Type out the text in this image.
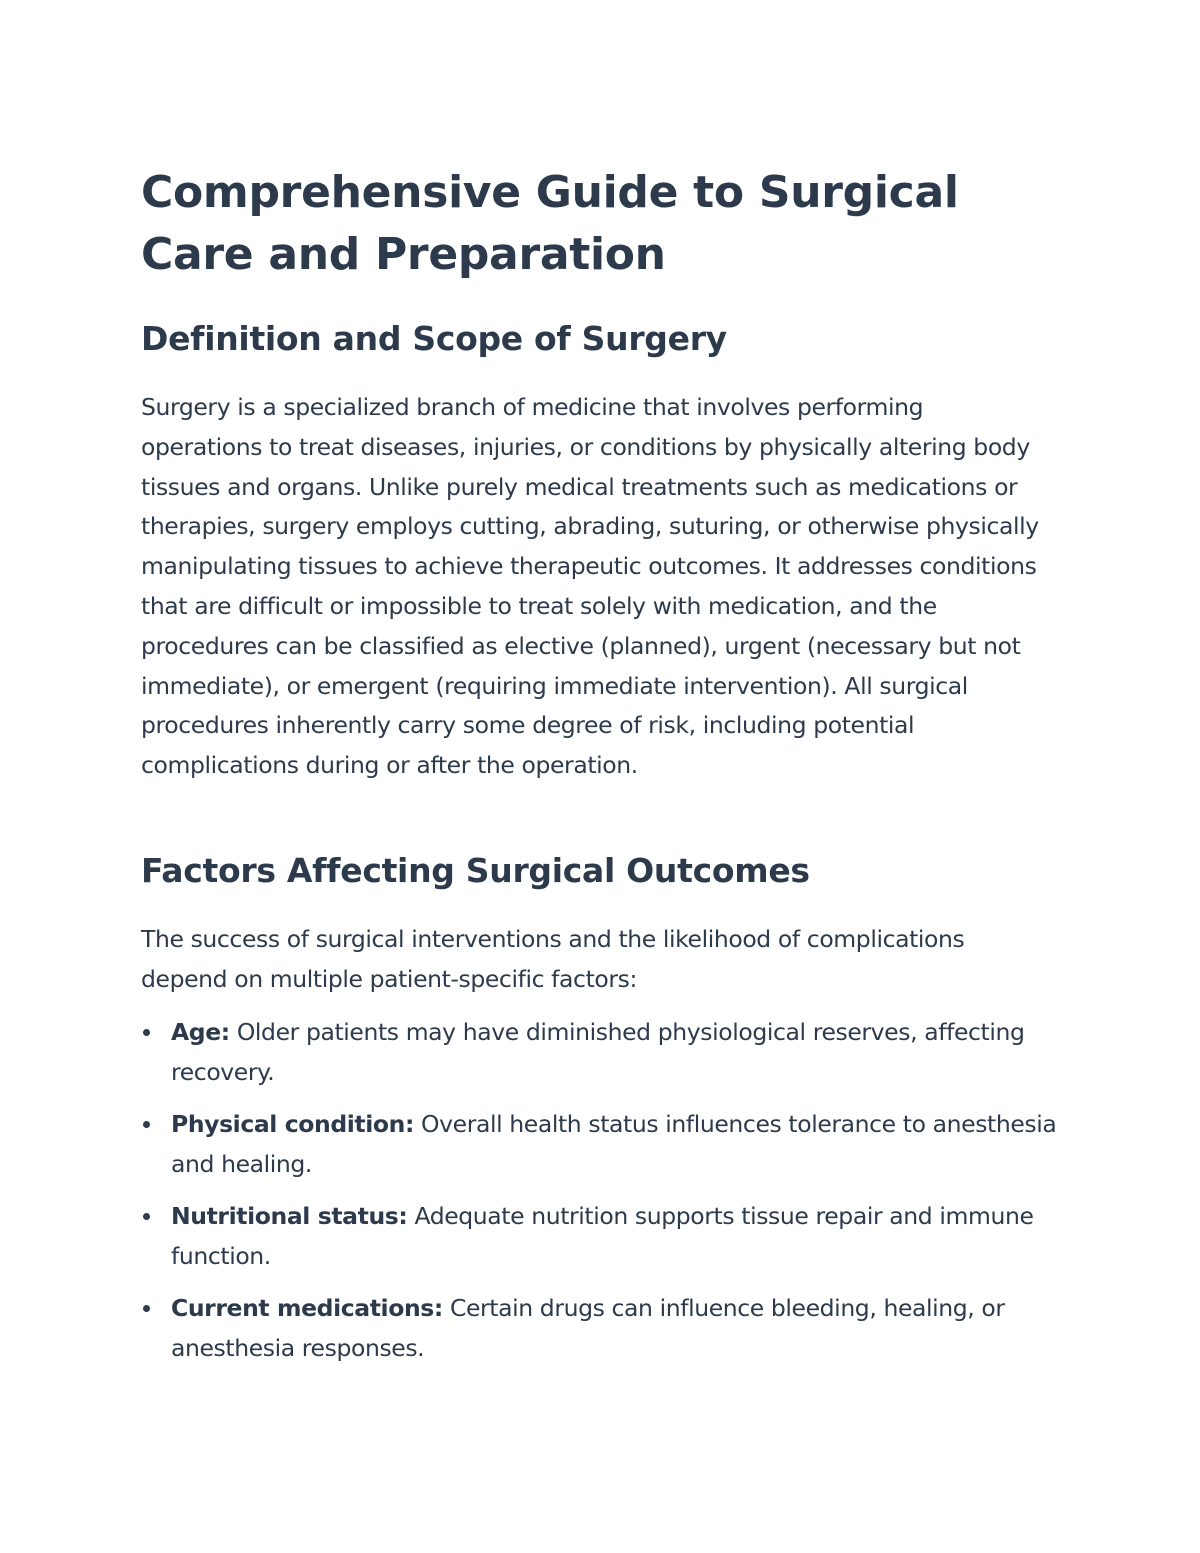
Comprehensive Guide to Surgical Care and Preparation
Definition and Scope of Surgery

Surgery is a specialized branch of medicine that involves performing operations to treat diseases, injuries, or conditions by physically altering body tissues and organs. Unlike purely medical treatments such as medications or therapies, surgery employs cutting, abrading, suturing, or otherwise physically manipulating tissues to achieve therapeutic outcomes. It addresses conditions that are difficult or impossible to treat solely with medication, and the procedures can be classified as elective (planned), urgent (necessary but not immediate), or emergent (requiring immediate intervention). All surgical procedures inherently carry some degree of risk, including potential complications during or after the operation.

Factors Affecting Surgical Outcomes

The success of surgical interventions and the likelihood of complications depend on multiple patient-specific factors:

Age: Older patients may have diminished physiological reserves, affecting recovery.
Physical condition: Overall health status influences tolerance to anesthesia and healing.
Nutritional status: Adequate nutrition supports tissue repair and immune function.
Current medications: Certain drugs can influence bleeding, healing, or anesthesia responses.
